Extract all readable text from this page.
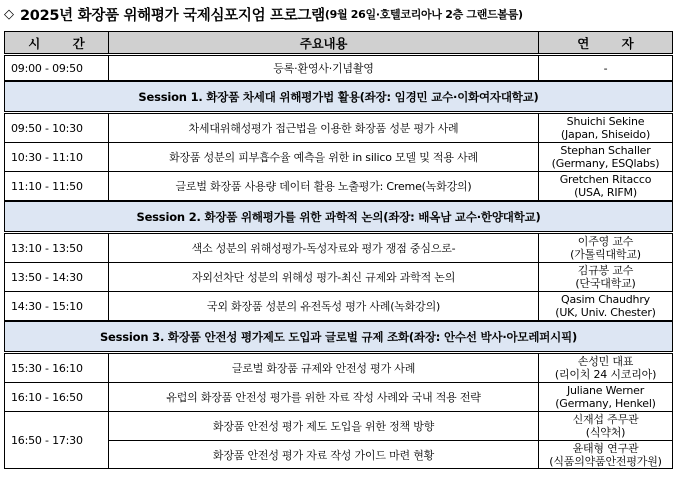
◇ 2025년 화장품 위해평가 국제심포지엄 프로그램 (9월 26일·호텔코리아나 2층 그랜드볼룸)
시 간	주요내용	연 자
09:00 - 09:50	등록·환영사·기념촬영	-
Session 1. 화장품 차세대 위해평가법 활용(좌장: 임경민 교수·이화여자대학교)		
09:50 - 10:30	차세대위해성평가 접근법을 이용한 화장품 성분 평가 사례	Shuichi Sekine
(Japan, Shiseido)
10:30 - 11:10	화장품 성분의 피부흡수율 예측을 위한 in silico 모델 및 적용 사례	Stephan Schaller
(Germany, ESQlabs)
11:10 - 11:50	글로벌 화장품 사용량 데이터 활용 노출평가: Creme(녹화강의)	Gretchen Ritacco
(USA, RIFM)
Session 2. 화장품 위해평가를 위한 과학적 논의(좌장: 배옥남 교수·한양대학교)		
13:10 - 13:50	색소 성분의 위해성평가-독성자료와 평가 쟁점 중심으로-	이주영 교수
(가톨릭대학교)
13:50 - 14:30	자외선차단 성분의 위해성 평가-최신 규제와 과학적 논의	김규봉 교수
(단국대학교)
14:30 - 15:10	국외 화장품 성분의 유전독성 평가 사례(녹화강의)	Qasim Chaudhry
(UK, Univ. Chester)
Session 3. 화장품 안전성 평가제도 도입과 글로벌 규제 조화(좌장: 안수선 박사·아모레퍼시픽)		
15:30 - 16:10	글로벌 화장품 규제와 안전성 평가 사례	손성민 대표
(리이치 24 시코리아)
16:10 - 16:50	유럽의 화장품 안전성 평가를 위한 자료 작성 사례와 국내 적용 전략	Juliane Werner
(Germany, Henkel)
16:50 - 17:30	화장품 안전성 평가 제도 도입을 위한 정책 방향	신재섭 주무관
(식약처)
	화장품 안전성 평가 자료 작성 가이드 마련 현황	윤태형 연구관
(식품의약품안전평가원)
